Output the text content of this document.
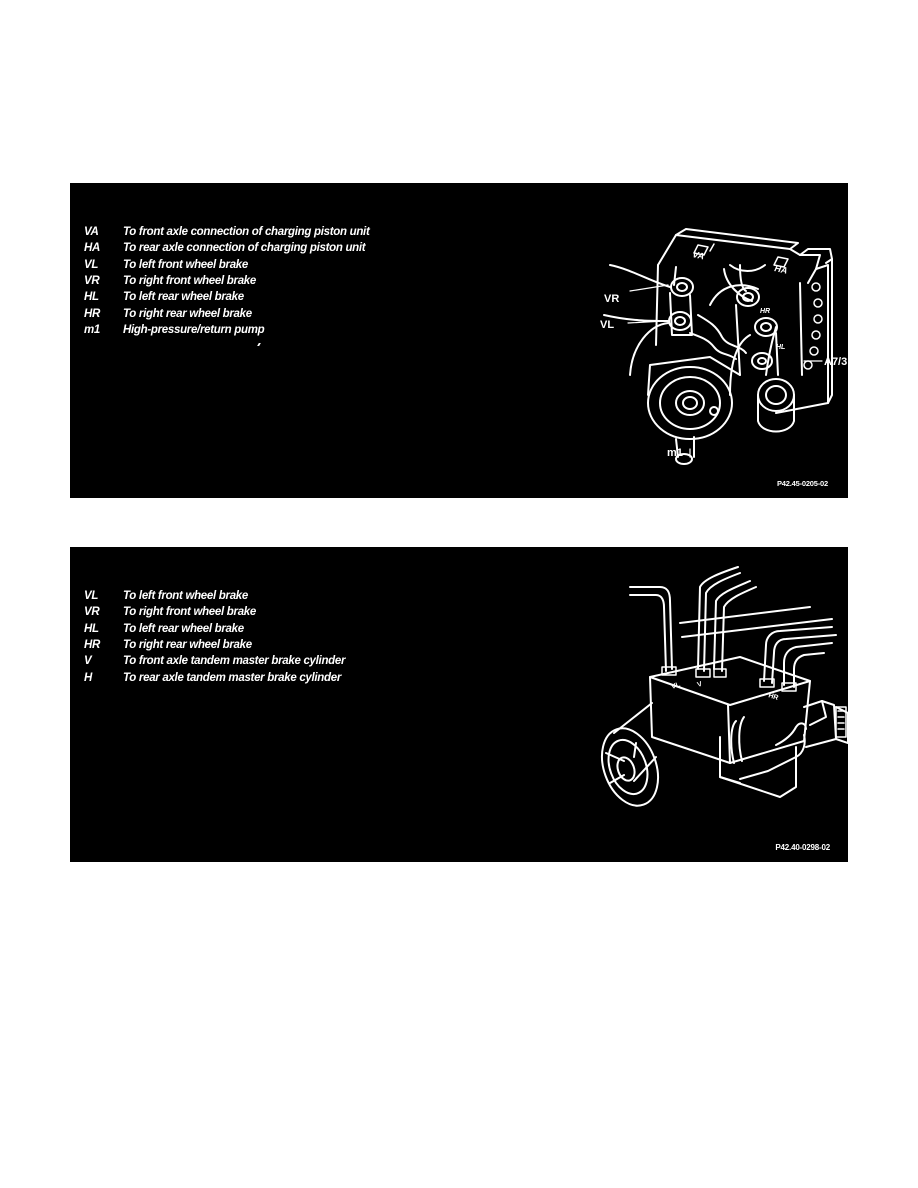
VA	To front axle connection of charging piston unit
HA	To rear axle connection of charging piston unit
VL	To left front wheel brake
VR	To right front wheel brake
HL	To left rear wheel brake
HR	To right rear wheel brake
m1	High-pressure/return pump
VA
HA
HR
HL
VR
VL
A7/3
m1
P42.45-0205-02
VL	To left front wheel brake
VR	To right front wheel brake
HL	To left rear wheel brake
HR	To right rear wheel brake
V	To front axle tandem master brake cylinder
H	To rear axle tandem master brake cylinder
VL V
HR
P42.40-0298-02
